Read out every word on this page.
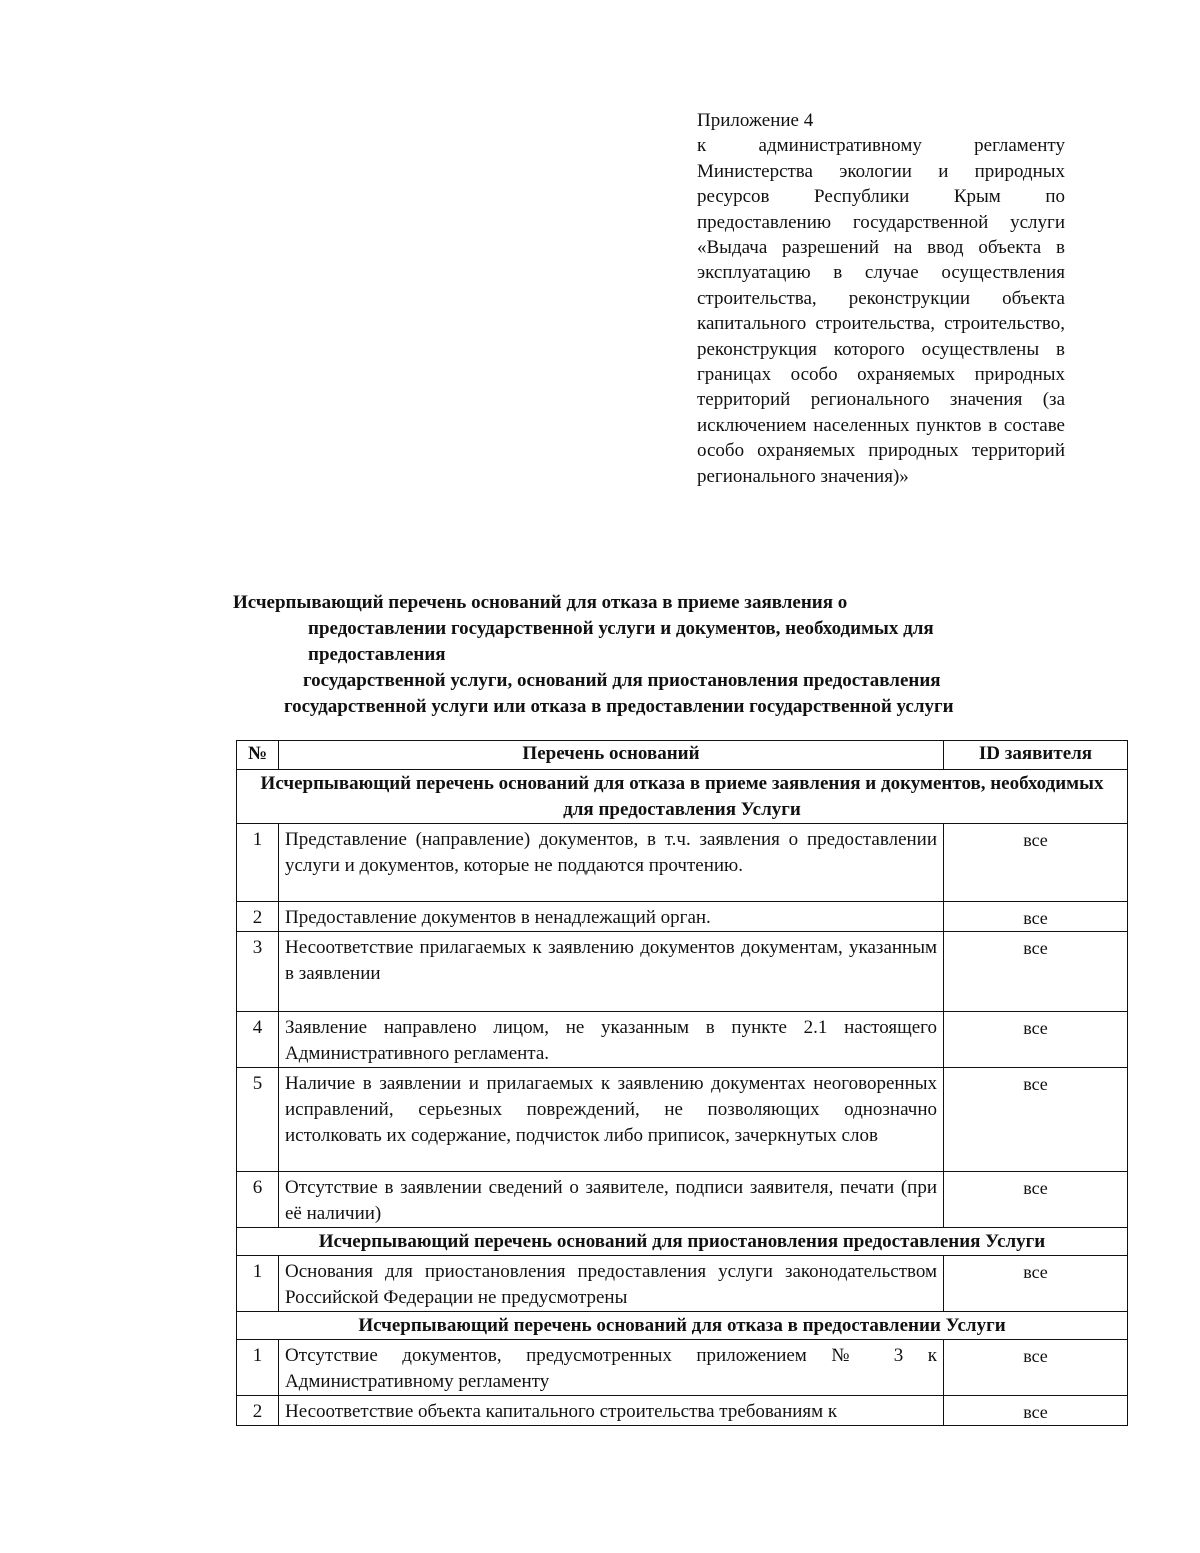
Приложение 4
к административному регламенту Министерства экологии и природных ресурсов Республики Крым по предоставлению государственной услуги «Выдача разрешений на ввод объекта в эксплуатацию в случае осуществления строительства, реконструкции объекта капитального строительства, строительство, реконструкция которого осуществлены в границах особо охраняемых природных территорий регионального значения (за исключением населенных пунктов в составе особо охраняемых природных территорий регионального значения)»
Исчерпывающий перечень оснований для отказа в приеме заявления о
предоставлении государственной услуги и документов, необходимых для
предоставления
государственной услуги, оснований для приостановления предоставления
государственной услуги или отказа в предоставлении государственной услуги
№	Перечень оснований	ID заявителя
Исчерпывающий перечень оснований для отказа в приеме заявления и документов, необходимых для предоставления Услуги		
1	Представление (направление) документов, в т.ч. заявления о предоставлении услуги и документов, которые не поддаются прочтению.	все
2	Предоставление документов в ненадлежащий орган.	все
3	Несоответствие прилагаемых к заявлению документов документам, указанным в заявлении	все
4	Заявление направлено лицом, не указанным в пункте 2.1 настоящего Административного регламента.	все
5	Наличие в заявлении и прилагаемых к заявлению документах неоговоренных исправлений, серьезных повреждений, не позволяющих однозначно истолковать их содержание, подчисток либо приписок, зачеркнутых слов	все
6	Отсутствие в заявлении сведений о заявителе, подписи заявителя, печати (при её наличии)	все
Исчерпывающий перечень оснований для приостановления предоставления Услуги		
1	Основания для приостановления предоставления услуги законодательством Российской Федерации не предусмотрены	все
Исчерпывающий перечень оснований для отказа в предоставлении Услуги		
1	Отсутствие документов, предусмотренных приложением № 3 к Административному регламенту	все
2	Несоответствие объекта капитального строительства требованиям к	все
